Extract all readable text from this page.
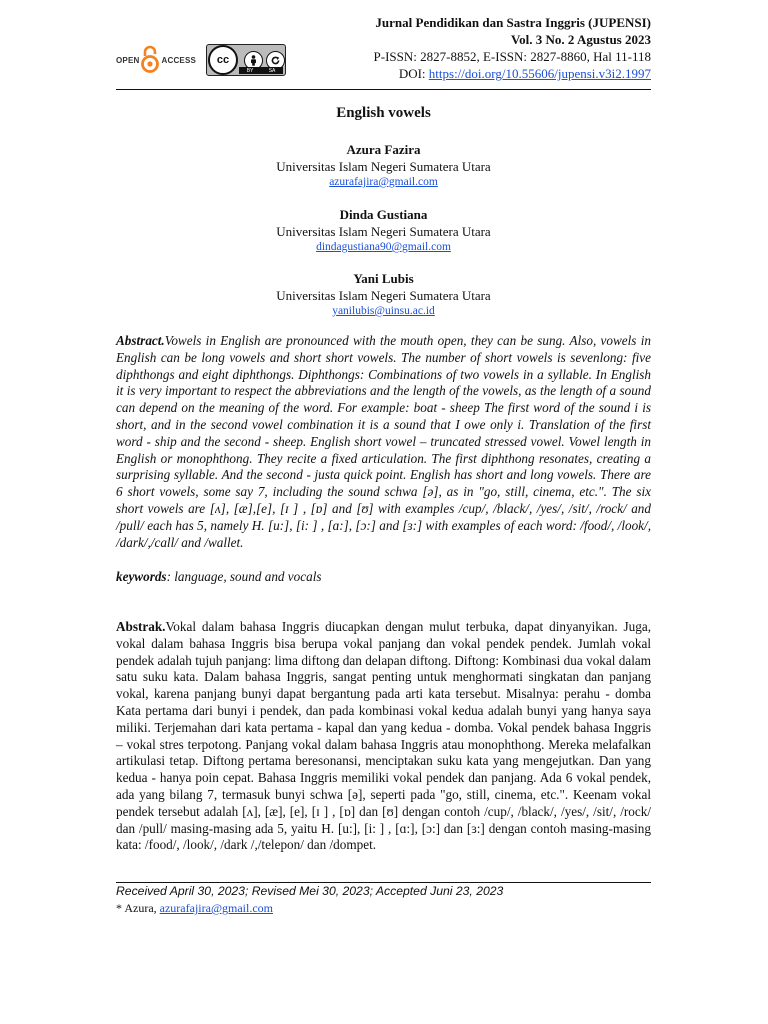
OPEN	ACCESS	cc
BY	SA
Jurnal Pendidikan dan Sastra Inggris (JUPENSI)
Vol. 3 No. 2 Agustus 2023
P-ISSN: 2827-8852, E-ISSN: 2827-8860, Hal 11-118
DOI: https://doi.org/10.55606/jupensi.v3i2.1997
English vowels
Azura Fazira
Universitas Islam Negeri Sumatera Utara
azurafajira@gmail.com
Dinda Gustiana
Universitas Islam Negeri Sumatera Utara
dindagustiana90@gmail.com
Yani Lubis
Universitas Islam Negeri Sumatera Utara
yanilubis@uinsu.ac.id
Abstract.Vowels in English are pronounced with the mouth open, they can be sung. Also, vowels in English can be long vowels and short short vowels. The number of short vowels is sevenlong: five diphthongs and eight diphthongs. Diphthongs: Combinations of two vowels in a syllable. In English it is very important to respect the abbreviations and the length of the vowels, as the length of a sound can depend on the meaning of the word. For example: boat - sheep The first word of the sound i is short, and in the second vowel combination it is a sound that I owe only i. Translation of the first word - ship and the second - sheep. English short vowel – truncated stressed vowel. Vowel length in English or monophthong. They recite a fixed articulation. The first diphthong resonates, creating a surprising syllable. And the second - justa quick point. English has short and long vowels. There are 6 short vowels, some say 7, including the sound schwa [ə], as in "go, still, cinema, etc.". The six short vowels are [ʌ], [æ],[e], [ɪ ] , [ɒ] and [ʊ] with examples /cup/, /black/, /yes/, /sit/, /rock/ and /pull/ each has 5, namely H. [u:], [i: ] , [ɑ:], [ɔ:] and [ɜ:] with examples of each word: /food/, /look/, /dark/,/call/ and /wallet.
keywords: language, sound and vocals
Abstrak.Vokal dalam bahasa Inggris diucapkan dengan mulut terbuka, dapat dinyanyikan. Juga, vokal dalam bahasa Inggris bisa berupa vokal panjang dan vokal pendek pendek. Jumlah vokal pendek adalah tujuh panjang: lima diftong dan delapan diftong. Diftong: Kombinasi dua vokal dalam satu suku kata. Dalam bahasa Inggris, sangat penting untuk menghormati singkatan dan panjang vokal, karena panjang bunyi dapat bergantung pada arti kata tersebut. Misalnya: perahu - domba Kata pertama dari bunyi i pendek, dan pada kombinasi vokal kedua adalah bunyi yang hanya saya miliki. Terjemahan dari kata pertama - kapal dan yang kedua - domba. Vokal pendek bahasa Inggris – vokal stres terpotong. Panjang vokal dalam bahasa Inggris atau monophthong. Mereka melafalkan artikulasi tetap. Diftong pertama beresonansi, menciptakan suku kata yang mengejutkan. Dan yang kedua - hanya poin cepat. Bahasa Inggris memiliki vokal pendek dan panjang. Ada 6 vokal pendek, ada yang bilang 7, termasuk bunyi schwa [ə], seperti pada "go, still, cinema, etc.". Keenam vokal pendek tersebut adalah [ʌ], [æ], [e], [ɪ ] , [ɒ] dan [ʊ] dengan contoh /cup/, /black/, /yes/, /sit/, /rock/ dan /pull/ masing-masing ada 5, yaitu H. [u:], [i: ] , [ɑ:], [ɔ:] dan [ɜ:] dengan contoh masing-masing kata: /food/, /look/, /dark /,/telepon/ dan /dompet.
Received April 30, 2023; Revised Mei 30, 2023; Accepted Juni 23, 2023
* Azura, azurafajira@gmail.com
